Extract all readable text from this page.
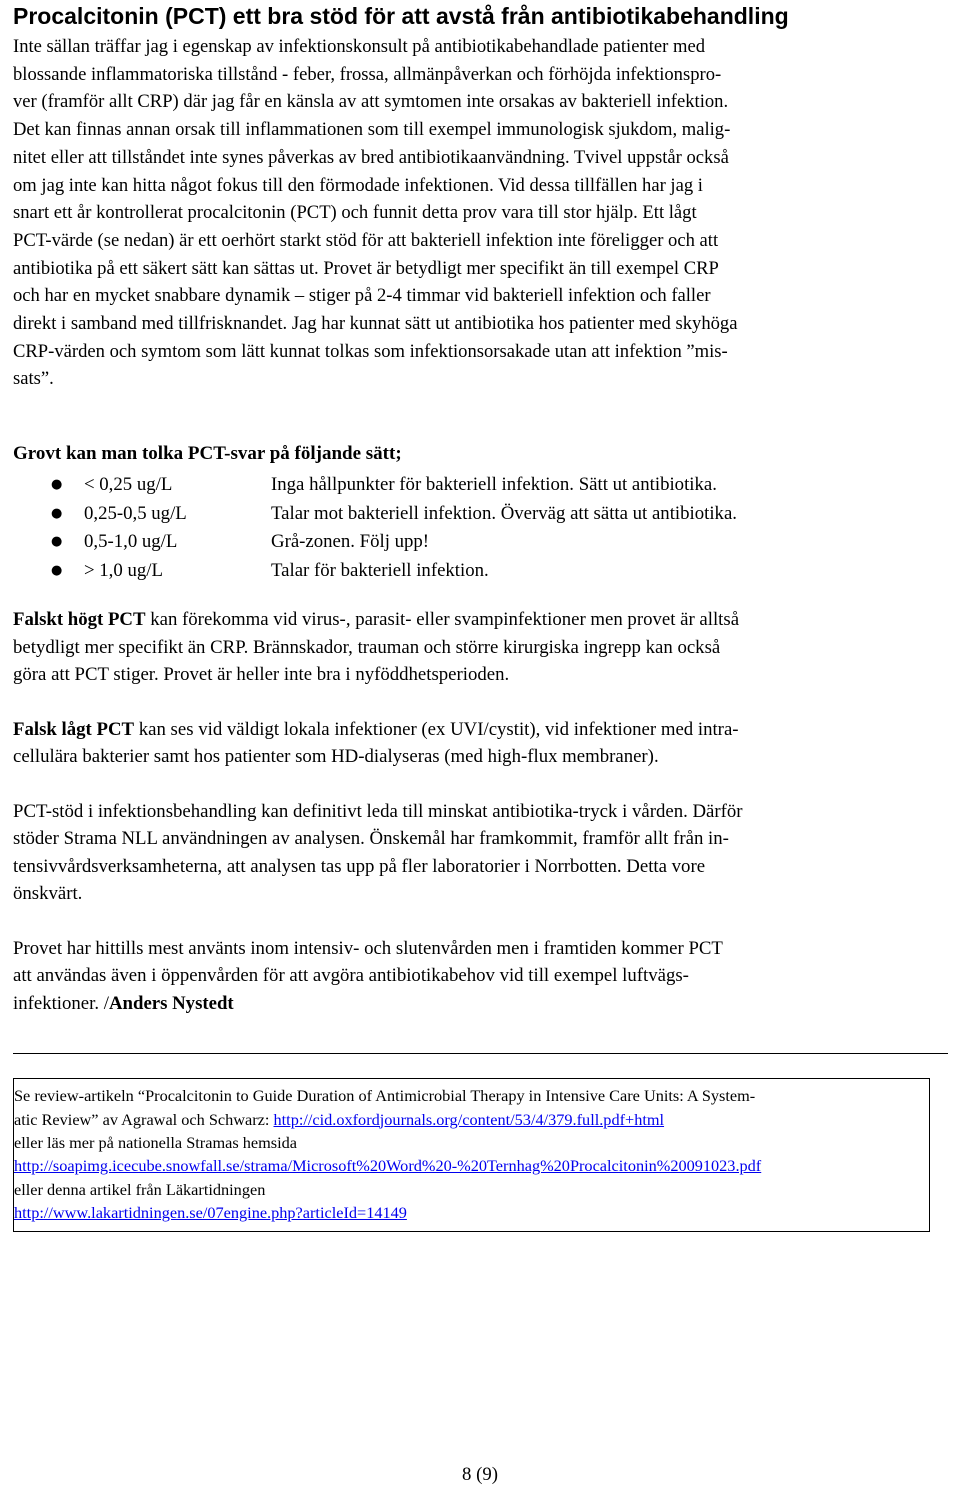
Procalcitonin (PCT) ett bra stöd för att avstå från antibiotikabehandling
Inte sällan träffar jag i egenskap av infektionskonsult på antibiotikabehandlade patienter med
blossande inflammatoriska tillstånd - feber, frossa, allmänpåverkan och förhöjda infektionspro-
ver (framför allt CRP) där jag får en känsla av att symtomen inte orsakas av bakteriell infektion.
Det kan finnas annan orsak till inflammationen som till exempel immunologisk sjukdom, malig-
nitet eller att tillståndet inte synes påverkas av bred antibiotikaanvändning. Tvivel uppstår också
om jag inte kan hitta något fokus till den förmodade infektionen. Vid dessa tillfällen har jag i
snart ett år kontrollerat procalcitonin (PCT) och funnit detta prov vara till stor hjälp. Ett lågt
PCT-värde (se nedan) är ett oerhört starkt stöd för att bakteriell infektion inte föreligger och att
antibiotika på ett säkert sätt kan sättas ut. Provet är betydligt mer specifikt än till exempel CRP
och har en mycket snabbare dynamik – stiger på 2-4 timmar vid bakteriell infektion och faller
direkt i samband med tillfrisknandet. Jag har kunnat sätt ut antibiotika hos patienter med skyhöga
CRP-värden och symtom som lätt kunnat tolkas som infektionsorsakade utan att infektion ”mis-
sats”.
Grovt kan man tolka PCT-svar på följande sätt;
● < 0,25 ug/L	Inga hållpunkter för bakteriell infektion. Sätt ut antibiotika.
● 0,25-0,5 ug/L	Talar mot bakteriell infektion. Överväg att sätta ut antibiotika.
● 0,5-1,0 ug/L	Grå-zonen. Följ upp!
● > 1,0 ug/L	Talar för bakteriell infektion.
Falskt högt PCT kan förekomma vid virus-, parasit- eller svampinfektioner men provet är alltså
betydligt mer specifikt än CRP. Brännskador, trauman och större kirurgiska ingrepp kan också
göra att PCT stiger. Provet är heller inte bra i nyföddhetsperioden.
Falsk lågt PCT kan ses vid väldigt lokala infektioner (ex UVI/cystit), vid infektioner med intra-
cellulära bakterier samt hos patienter som HD-dialyseras (med high-flux membraner).
PCT-stöd i infektionsbehandling kan definitivt leda till minskat antibiotika-tryck i vården. Därför
stöder Strama NLL användningen av analysen. Önskemål har framkommit, framför allt från in-
tensivvårdsverksamheterna, att analysen tas upp på fler laboratorier i Norrbotten. Detta vore
önskvärt.
Provet har hittills mest använts inom intensiv- och slutenvården men i framtiden kommer PCT
att användas även i öppenvården för att avgöra antibiotikabehov vid till exempel luftvägs-
infektioner. /Anders Nystedt
Se review-artikeln “Procalcitonin to Guide Duration of Antimicrobial Therapy in Intensive Care Units: A System-
atic Review” av Agrawal och Schwarz: http://cid.oxfordjournals.org/content/53/4/379.full.pdf+html
eller läs mer på nationella Stramas hemsida
http://soapimg.icecube.snowfall.se/strama/Microsoft%20Word%20-%20Ternhag%20Procalcitonin%20091023.pdf
eller denna artikel från Läkartidningen
http://www.lakartidningen.se/07engine.php?articleId=14149
8 (9)
